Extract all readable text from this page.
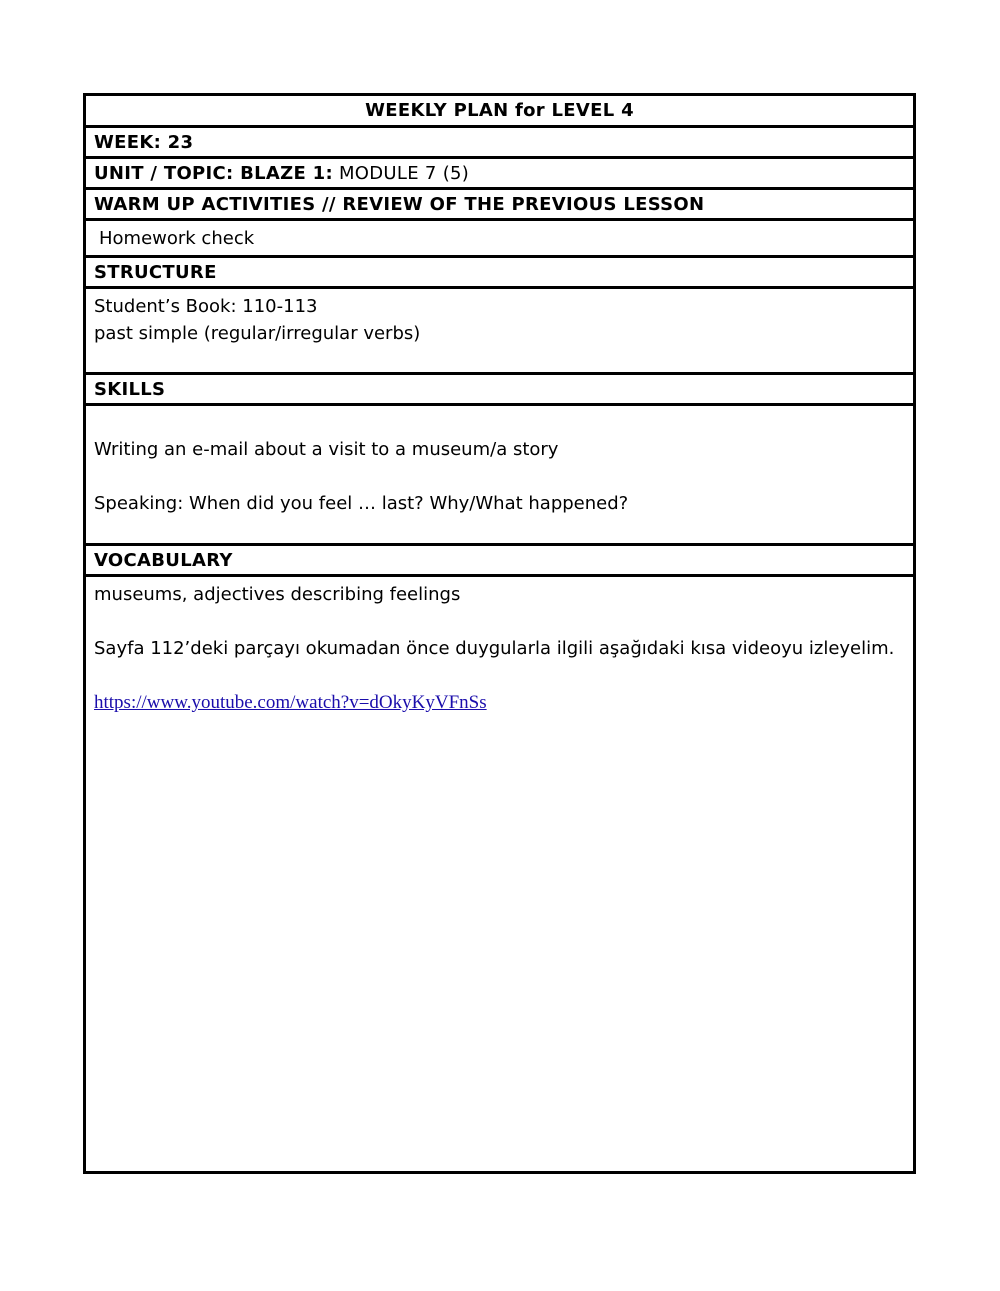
WEEKLY PLAN for LEVEL 4
WEEK: 23
UNIT / TOPIC: BLAZE 1: MODULE 7 (5)
WARM UP ACTIVITIES // REVIEW OF THE PREVIOUS LESSON
Homework check
STRUCTURE
Student’s Book: 110-113
past simple (regular/irregular verbs)
SKILLS
Writing an e-mail about a visit to a museum/a story
Speaking: When did you feel … last? Why/What happened?
VOCABULARY
museums, adjectives describing feelings
Sayfa 112’deki parçayı okumadan önce duygularla ilgili aşağıdaki kısa videoyu izleyelim.
https://www.youtube.com/watch?v=dOkyKyVFnSs
